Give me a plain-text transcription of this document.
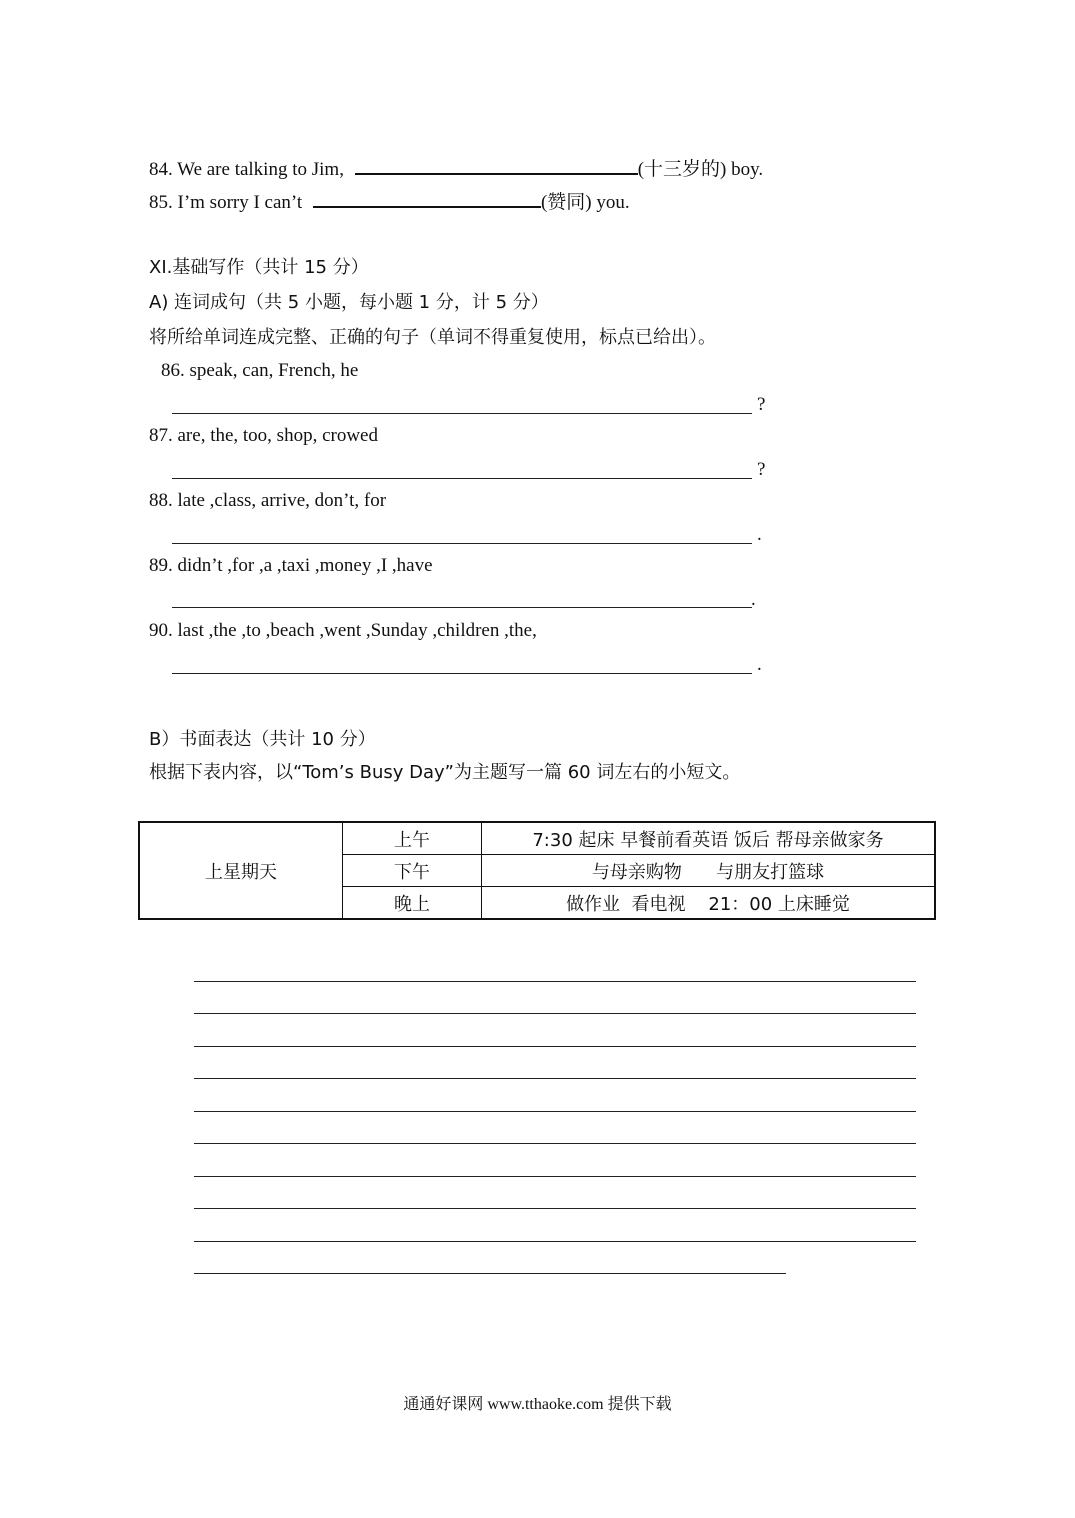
84. We are talking to Jim,	(十三岁的) boy.
85. I’m sorry I can’t	(赞同) you.
XI.基础写作（共计 15 分）
A) 连词成句（共 5 小题，每小题 1 分，计 5 分）
将所给单词连成完整、正确的句子（单词不得重复使用，标点已给出）。
86. speak, can, French, he
?
87. are, the, too, shop, crowed
?
88. late ,class, arrive, don’t, for
.
89. didn’t ,for ,a ,taxi ,money ,I ,have
.
90. last ,the ,to ,beach ,went ,Sunday ,children ,the,
.
B）书面表达（共计 10 分）
根据下表内容，以“Tom’s Busy Day”为主题写一篇 60 词左右的小短文。
上星期天	上午	7:30 起床 早餐前看英语 饭后 帮母亲做家务
	下午	与母亲购物      与朋友打篮球
	晚上	做作业  看电视    21：00 上床睡觉
通通好课网 www.tthaoke.com 提供下载
